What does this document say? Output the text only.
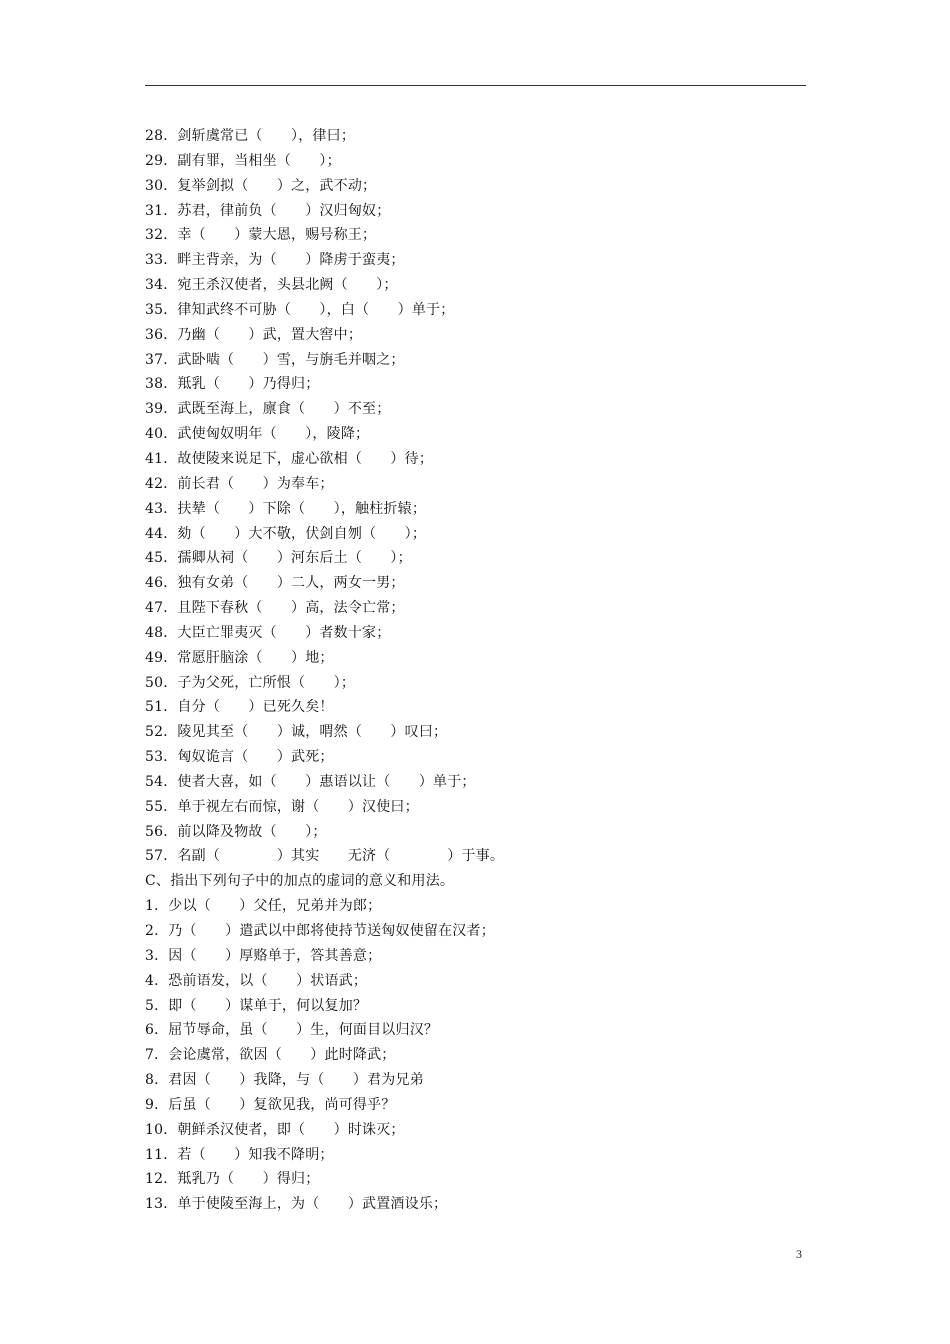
28．剑斩虞常已（　　），律曰；
29．副有罪，当相坐（　　）；
30．复举剑拟（　　）之，武不动；
31．苏君，律前负（　　）汉归匈奴；
32．幸（　　）蒙大恩，赐号称王；
33．畔主背亲，为（　　）降虏于蛮夷；
34．宛王杀汉使者，头县北阙（　　）；
35．律知武终不可胁（　　），白（　　）单于；
36．乃幽（　　）武，置大窖中；
37．武卧啮（　　）雪，与旃毛并咽之；
38．羝乳（　　）乃得归；
39．武既至海上，廪食（　　）不至；
40．武使匈奴明年（　　），陵降；
41．故使陵来说足下，虚心欲相（　　）待；
42．前长君（　　）为奉车；
43．扶辇（　　）下除（　　），触柱折辕；
44．劾（　　）大不敬，伏剑自刎（　　）；
45．孺卿从祠（　　）河东后土（　　）；
46．独有女弟（　　）二人，两女一男；
47．且陛下春秋（　　）高，法令亡常；
48．大臣亡罪夷灭（　　）者数十家；
49．常愿肝脑涂（　　）地；
50．子为父死，亡所恨（　　）；
51．自分（　　）已死久矣！
52．陵见其至（　　）诚，喟然（　　）叹曰；
53．匈奴诡言（　　）武死；
54．使者大喜，如（　　）惠语以让（　　）单于；
55．单于视左右而惊，谢（　　）汉使曰；
56．前以降及物故（　　）；
57．名副（　　　　）其实　　无济（　　　　）于事。
C、指出下列句子中的加点的虚词的意义和用法。
1．少以（　　）父任，兄弟并为郎；
2．乃（　　）遣武以中郎将使持节送匈奴使留在汉者；
3．因（　　）厚赂单于，答其善意；
4．恐前语发，以（　　）状语武；
5．即（　　）谋单于，何以复加？
6．屈节辱命，虽（　　）生，何面目以归汉？
7．会论虞常，欲因（　　）此时降武；
8．君因（　　）我降，与（　　）君为兄弟
9．后虽（　　）复欲见我，尚可得乎？
10．朝鲜杀汉使者，即（　　）时诛灭；
11．若（　　）知我不降明；
12．羝乳乃（　　）得归；
13．单于使陵至海上，为（　　）武置酒设乐；
3
